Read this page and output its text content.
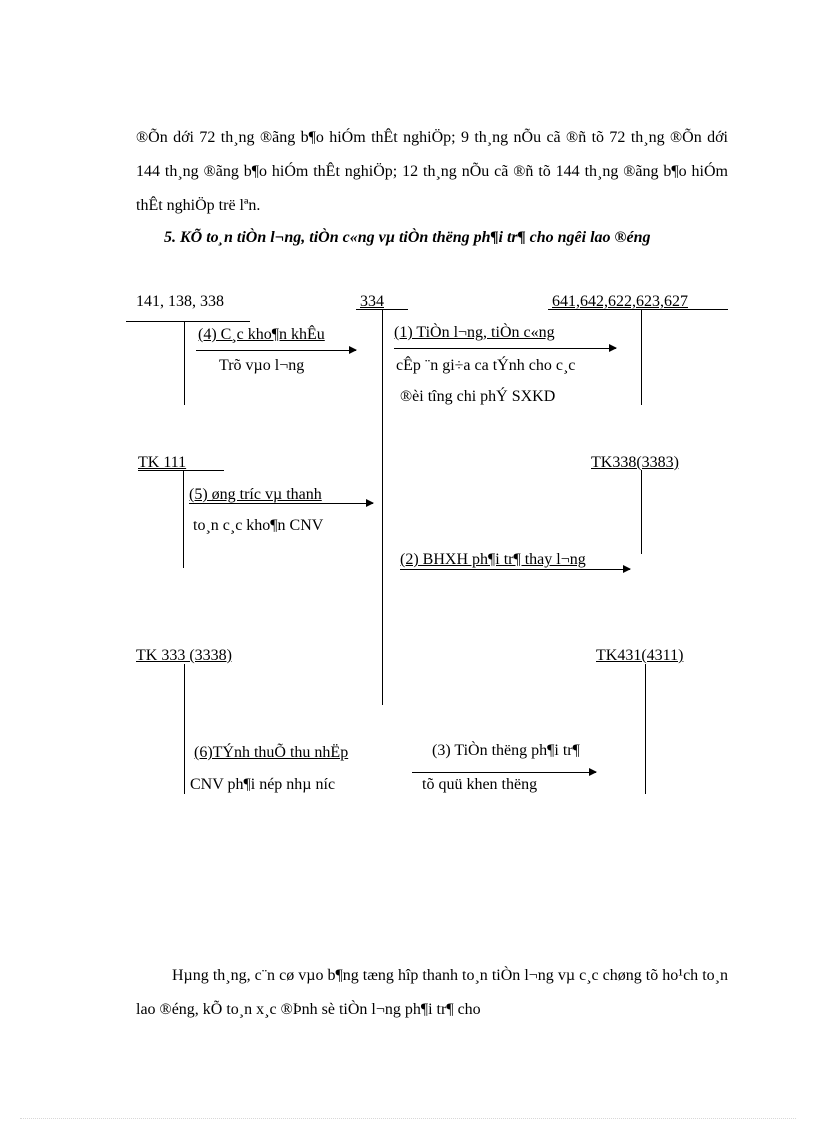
®Õn dới 72 th¸ng ®ãng b¶o hiÓm thÊt nghiÖp; 9 th¸ng nÕu cã ®ñ tõ 72 th¸ng ®Õn dới 144 th¸ng ®ãng b¶o hiÓm thÊt nghiÖp; 12 th¸ng nÕu cã ®ñ tõ 144 th¸ng ®ãng b¶o hiÓm thÊt nghiÖp trë lªn.
5. KÕ to¸n tiÒn l¬ng, tiÒn c«ng vµ tiÒn thëng ph¶i tr¶ cho ngêi lao ®éng
141, 138, 338	334	641,642,622,623,627
(4) C¸c kho¶n khÊu
Trõ vµo l¬ng
(1) TiÒn l¬ng, tiÒn c«ng
cÊp ¨n gi÷a ca tÝnh cho c¸c
®èi tîng chi phÝ SXKD
TK 111
(5) øng tríc vµ thanh
to¸n c¸c kho¶n CNV
TK338(3383)
(2) BHXH ph¶i tr¶ thay l¬ng
TK 333 (3338)	TK431(4311)
(6)TÝnh thuÕ thu nhËp
CNV ph¶i nép nhµ níc
(3) TiÒn thëng ph¶i tr¶
tõ quü khen thëng
Hµng th¸ng, c¨n cø vµo b¶ng tæng hîp thanh to¸n tiÒn l¬ng vµ c¸c chøng tõ ho¹ch to¸n lao ®éng, kÕ to¸n x¸c ®Þnh sè tiÒn l¬ng ph¶i tr¶ cho
